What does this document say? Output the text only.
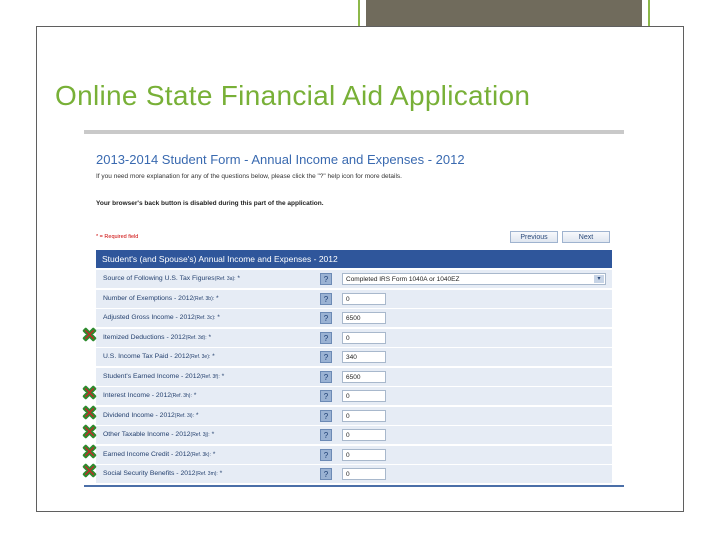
Online State Financial Aid Application
2013-2014 Student Form - Annual Income and Expenses - 2012
If you need more explanation for any of the questions below, please click the "?" help icon for more details.
Your browser's back button is disabled during this part of the application.
* = Required field	Previous	Next
Student's (and Spouse's) Annual Income and Expenses - 2012
Source of Following U.S. Tax Figures(Ref. 3a): *	?	Completed IRS Form 1040A or 1040EZ	▾
Number of Exemptions - 2012(Ref. 3b): *	?	0
Adjusted Gross Income - 2012(Ref. 3c): *	?	6500
Itemized Deductions - 2012(Ref. 3d): *	?	0
U.S. Income Tax Paid - 2012(Ref. 3e): *	?	340
Student's Earned Income - 2012(Ref. 3f): *	?	6500
Interest Income - 2012(Ref. 3h): *	?	0
Dividend Income - 2012(Ref. 3i): *	?	0
Other Taxable Income - 2012(Ref. 3j): *	?	0
Earned Income Credit - 2012(Ref. 3k): *	?	0
Social Security Benefits - 2012(Ref. 3m): *	?	0
